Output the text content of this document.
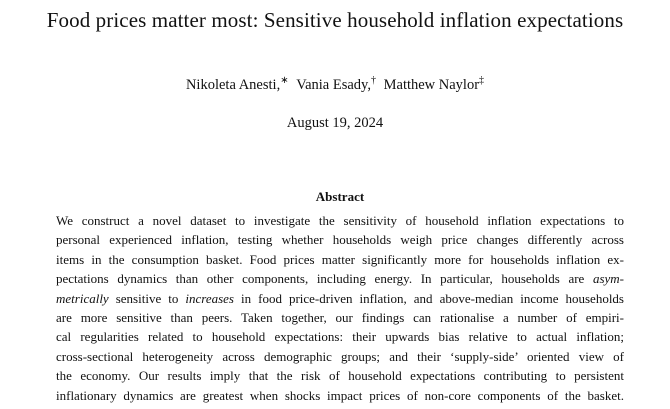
Food prices matter most: Sensitive household inflation expectations
Nikoleta Anesti,∗ Vania Esady,† Matthew Naylor‡
August 19, 2024
Abstract
We construct a novel dataset to investigate the sensitivity of household inflation expectations to
personal experienced inflation, testing whether households weigh price changes differently across
items in the consumption basket. Food prices matter significantly more for households inflation ex-
pectations dynamics than other components, including energy. In particular, households are asym-
metrically sensitive to increases in food price-driven inflation, and above-median income households
are more sensitive than peers. Taken together, our findings can rationalise a number of empiri-
cal regularities related to household expectations: their upwards bias relative to actual inflation;
cross-sectional heterogeneity across demographic groups; and their ‘supply-side’ oriented view of
the economy. Our results imply that the risk of household expectations contributing to persistent
inflationary dynamics are greatest when shocks impact prices of non-core components of the basket.
